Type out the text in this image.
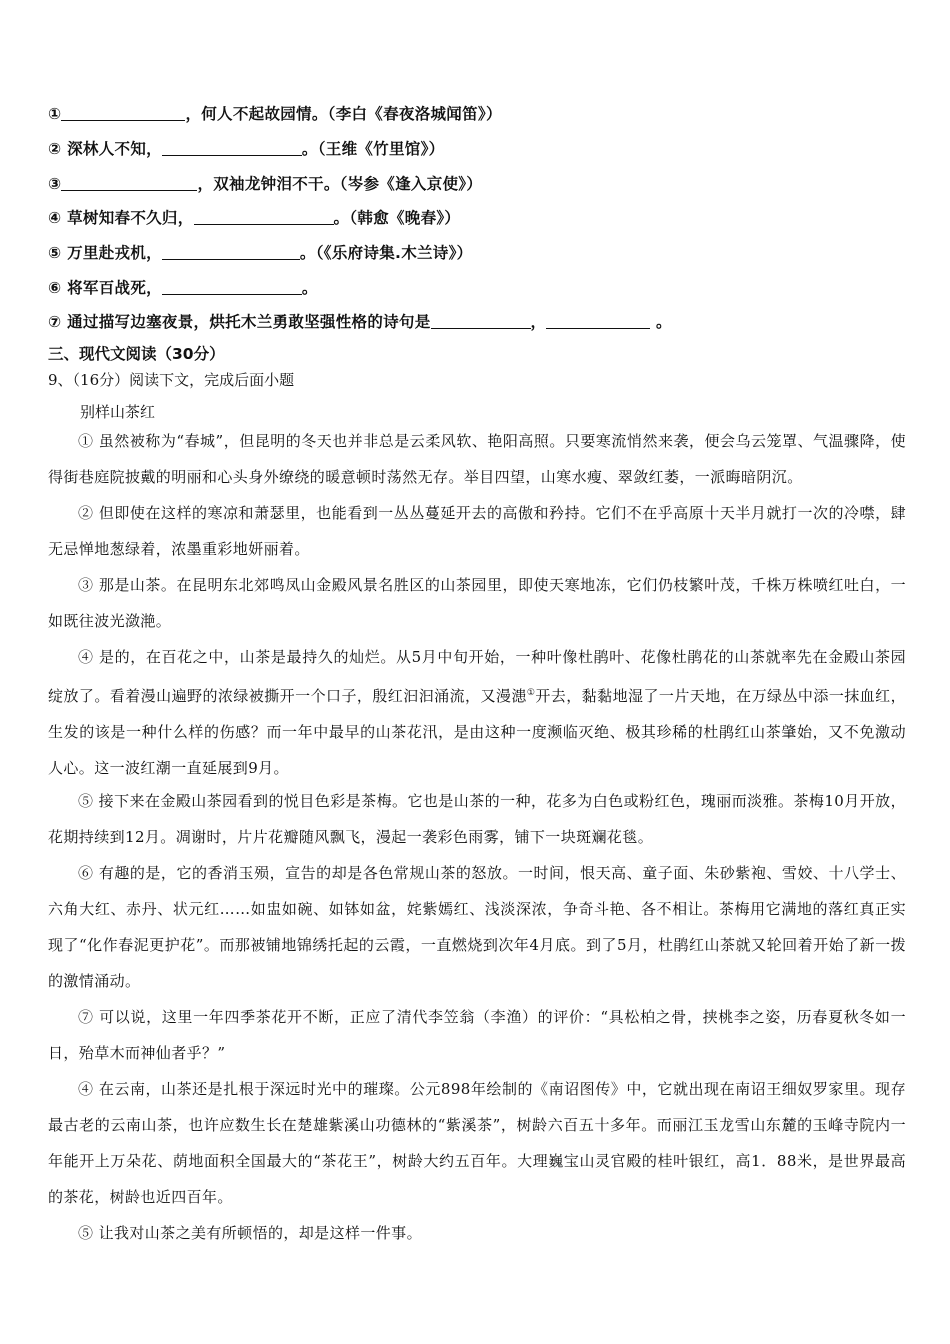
①	，何人不起故园情。（李白《春夜洛城闻笛》）
② 深林人不知，	。（王维《竹里馆》）
③	，双袖龙钟泪不干。（岑参《逢入京使》）
④ 草树知春不久归，	。（韩愈《晚春》）
⑤ 万里赴戎机，	。（《乐府诗集.木兰诗》）
⑥ 将军百战死，	。
⑦ 通过描写边塞夜景，烘托木兰勇敢坚强性格的诗句是	，	。
三、现代文阅读（30分）
9、（16分）阅读下文，完成后面小题
别样山茶红
① 虽然被称为“春城”，但昆明的冬天也并非总是云柔风软、艳阳高照。只要寒流悄然来袭，便会乌云笼罩、气温骤降，使得街巷庭院披戴的明丽和心头身外缭绕的暖意顿时荡然无存。举目四望，山寒水瘦、翠敛红萎，一派晦暗阴沉。
② 但即使在这样的寒凉和萧瑟里，也能看到一丛丛蔓延开去的高傲和矜持。它们不在乎高原十天半月就打一次的冷噤，肆无忌惮地葱绿着，浓墨重彩地妍丽着。
③ 那是山茶。在昆明东北郊鸣凤山金殿风景名胜区的山茶园里，即使天寒地冻，它们仍枝繁叶茂，千株万株喷红吐白，一如既往波光潋滟。
④ 是的，在百花之中，山茶是最持久的灿烂。从5月中旬开始，一种叶像杜鹃叶、花像杜鹃花的山茶就率先在金殿山茶园绽放了。看着漫山遍野的浓绿被撕开一个口子，殷红汩汩涌流，又漫漶①开去，黏黏地湿了一片天地，在万绿丛中添一抹血红，生发的该是一种什么样的伤感？而一年中最早的山茶花汛，是由这种一度濒临灭绝、极其珍稀的杜鹃红山茶肇始，又不免激动人心。这一波红潮一直延展到9月。
⑤ 接下来在金殿山茶园看到的悦目色彩是茶梅。它也是山茶的一种，花多为白色或粉红色，瑰丽而淡雅。茶梅10月开放，花期持续到12月。凋谢时，片片花瓣随风飘飞，漫起一袭彩色雨雾，铺下一块斑斓花毯。
⑥ 有趣的是，它的香消玉殒，宣告的却是各色常规山茶的怒放。一时间，恨天高、童子面、朱砂紫袍、雪姣、十八学士、六角大红、赤丹、状元红……如盅如碗、如钵如盆，姹紫嫣红、浅淡深浓，争奇斗艳、各不相让。茶梅用它满地的落红真正实现了“化作春泥更护花”。而那被铺地锦绣托起的云霞，一直燃烧到次年4月底。到了5月，杜鹃红山茶就又轮回着开始了新一拨的激情涌动。
⑦ 可以说，这里一年四季茶花开不断，正应了清代李笠翁（李渔）的评价：“具松柏之骨，挟桃李之姿，历春夏秋冬如一日，殆草木而神仙者乎？”
④ 在云南，山茶还是扎根于深远时光中的璀璨。公元898年绘制的《南诏图传》中，它就出现在南诏王细奴罗家里。现存最古老的云南山茶，也许应数生长在楚雄紫溪山功德林的“紫溪茶”，树龄六百五十多年。而丽江玉龙雪山东麓的玉峰寺院内一年能开上万朵花、荫地面积全国最大的“茶花王”，树龄大约五百年。大理巍宝山灵官殿的桂叶银红，高1．88米，是世界最高的茶花，树龄也近四百年。
⑤ 让我对山茶之美有所顿悟的，却是这样一件事。
